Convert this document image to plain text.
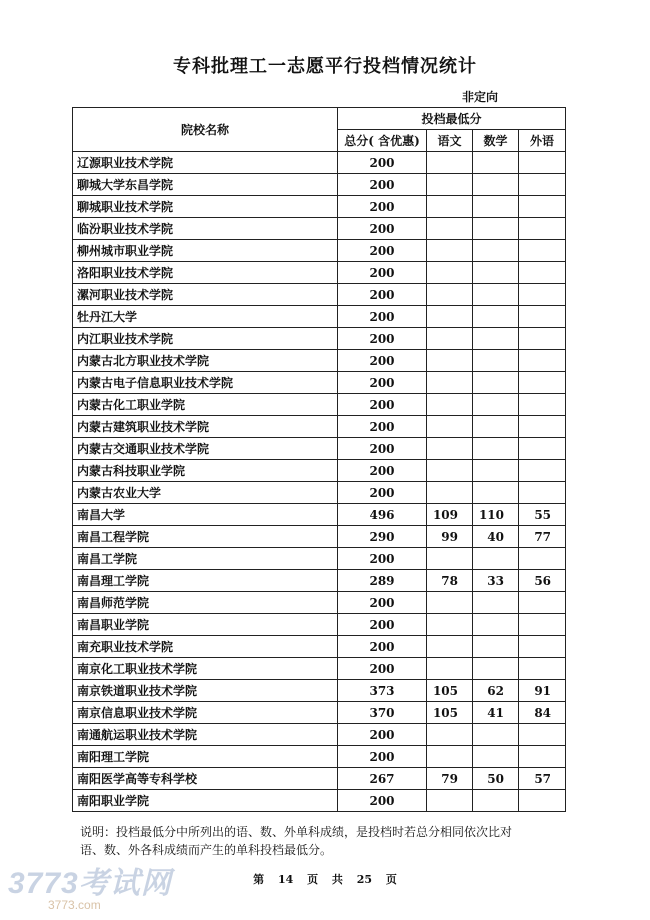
专科批理工一志愿平行投档情况统计
非定向
院校名称	投档最低分			
	总分( 含优惠)	语文	数学	外语
辽源职业技术学院	200			
聊城大学东昌学院	200			
聊城职业技术学院	200			
临汾职业技术学院	200			
柳州城市职业学院	200			
洛阳职业技术学院	200			
漯河职业技术学院	200			
牡丹江大学	200			
内江职业技术学院	200			
内蒙古北方职业技术学院	200			
内蒙古电子信息职业技术学院	200			
内蒙古化工职业学院	200			
内蒙古建筑职业技术学院	200			
内蒙古交通职业技术学院	200			
内蒙古科技职业学院	200			
内蒙古农业大学	200			
南昌大学	496	109	110	55
南昌工程学院	290	99	40	77
南昌工学院	200			
南昌理工学院	289	78	33	56
南昌师范学院	200			
南昌职业学院	200			
南充职业技术学院	200			
南京化工职业技术学院	200			
南京铁道职业技术学院	373	105	62	91
南京信息职业技术学院	370	105	41	84
南通航运职业技术学院	200			
南阳理工学院	200			
南阳医学高等专科学校	267	79	50	57
南阳职业学院	200			
说明：投档最低分中所列出的语、数、外单科成绩，是投档时若总分相同依次比对
语、数、外各科成绩而产生的单科投档最低分。
第 14 页 共 25 页
3773考试网
3773.com
